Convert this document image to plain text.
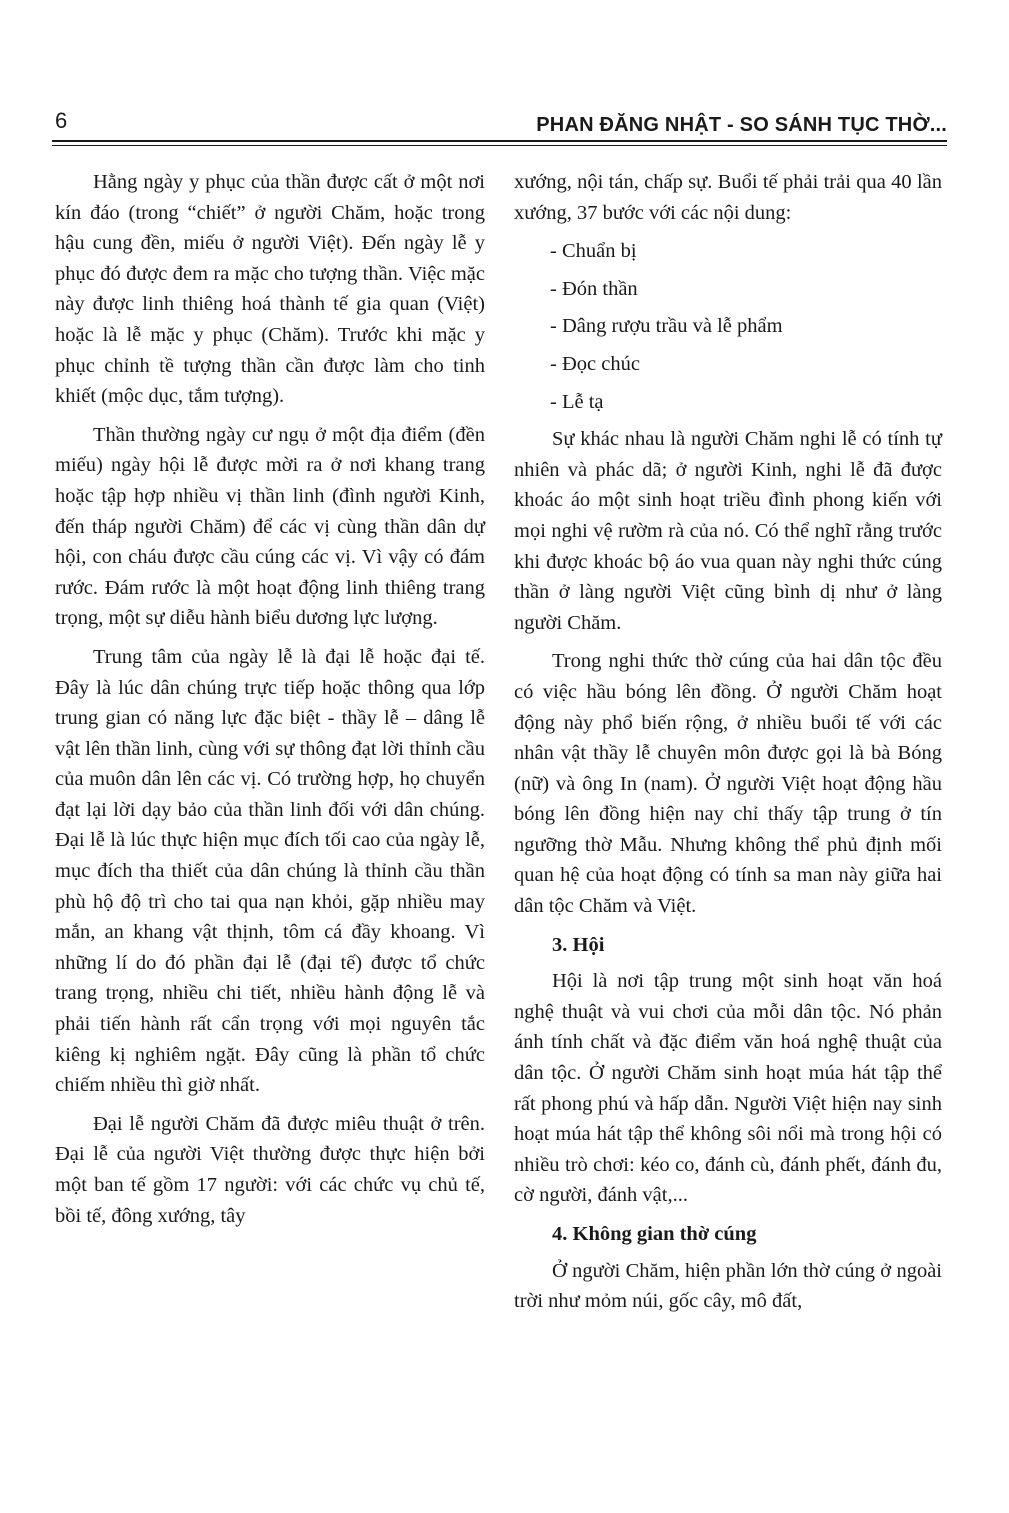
6	PHAN ĐĂNG NHẬT - SO SÁNH TỤC THỜ...

Hằng ngày y phục của thần được cất ở một nơi kín đáo (trong “chiết” ở người Chăm, hoặc trong hậu cung đền, miếu ở người Việt). Đến ngày lễ y phục đó được đem ra mặc cho tượng thần. Việc mặc này được linh thiêng hoá thành tế gia quan (Việt) hoặc là lễ mặc y phục (Chăm). Trước khi mặc y phục chỉnh tề tượng thần cần được làm cho tinh khiết (mộc dục, tắm tượng).

Thần thường ngày cư ngụ ở một địa điểm (đền miếu) ngày hội lễ được mời ra ở nơi khang trang hoặc tập hợp nhiều vị thần linh (đình người Kinh, đến tháp người Chăm) để các vị cùng thần dân dự hội, con cháu được cầu cúng các vị. Vì vậy có đám rước. Đám rước là một hoạt động linh thiêng trang trọng, một sự diễu hành biểu dương lực lượng.

Trung tâm của ngày lễ là đại lễ hoặc đại tế. Đây là lúc dân chúng trực tiếp hoặc thông qua lớp trung gian có năng lực đặc biệt - thầy lễ – dâng lễ vật lên thần linh, cùng với sự thông đạt lời thỉnh cầu của muôn dân lên các vị. Có trường hợp, họ chuyển đạt lại lời dạy bảo của thần linh đối với dân chúng. Đại lễ là lúc thực hiện mục đích tối cao của ngày lễ, mục đích tha thiết của dân chúng là thỉnh cầu thần phù hộ độ trì cho tai qua nạn khỏi, gặp nhiều may mắn, an khang vật thịnh, tôm cá đầy khoang. Vì những lí do đó phần đại lễ (đại tế) được tổ chức trang trọng, nhiều chi tiết, nhiều hành động lễ và phải tiến hành rất cẩn trọng với mọi nguyên tắc kiêng kị nghiêm ngặt. Đây cũng là phần tổ chức chiếm nhiều thì giờ nhất.

Đại lễ người Chăm đã được miêu thuật ở trên. Đại lễ của người Việt thường được thực hiện bởi một ban tế gồm 17 người: với các chức vụ chủ tế, bồi tế, đông xướng, tây

xướng, nội tán, chấp sự. Buổi tế phải trải qua 40 lần xướng, 37 bước với các nội dung:

- Chuẩn bị
- Đón thần
- Dâng rượu trầu và lễ phẩm
- Đọc chúc
- Lễ tạ

Sự khác nhau là người Chăm nghi lễ có tính tự nhiên và phác dã; ở người Kinh, nghi lễ đã được khoác áo một sinh hoạt triều đình phong kiến với mọi nghi vệ rườm rà của nó. Có thể nghĩ rằng trước khi được khoác bộ áo vua quan này nghi thức cúng thần ở làng người Việt cũng bình dị như ở làng người Chăm.

Trong nghi thức thờ cúng của hai dân tộc đều có việc hầu bóng lên đồng. Ở người Chăm hoạt động này phổ biến rộng, ở nhiều buổi tế với các nhân vật thầy lễ chuyên môn được gọi là bà Bóng (nữ) và ông In (nam). Ở người Việt hoạt động hầu bóng lên đồng hiện nay chỉ thấy tập trung ở tín ngưỡng thờ Mẫu. Nhưng không thể phủ định mối quan hệ của hoạt động có tính sa man này giữa hai dân tộc Chăm và Việt.

3. Hội

Hội là nơi tập trung một sinh hoạt văn hoá nghệ thuật và vui chơi của mỗi dân tộc. Nó phản ánh tính chất và đặc điểm văn hoá nghệ thuật của dân tộc. Ở người Chăm sinh hoạt múa hát tập thể rất phong phú và hấp dẫn. Người Việt hiện nay sinh hoạt múa hát tập thể không sôi nổi mà trong hội có nhiều trò chơi: kéo co, đánh cù, đánh phết, đánh đu, cờ người, đánh vật,...

4. Không gian thờ cúng

Ở người Chăm, hiện phần lớn thờ cúng ở ngoài trời như mỏm núi, gốc cây, mô đất,
